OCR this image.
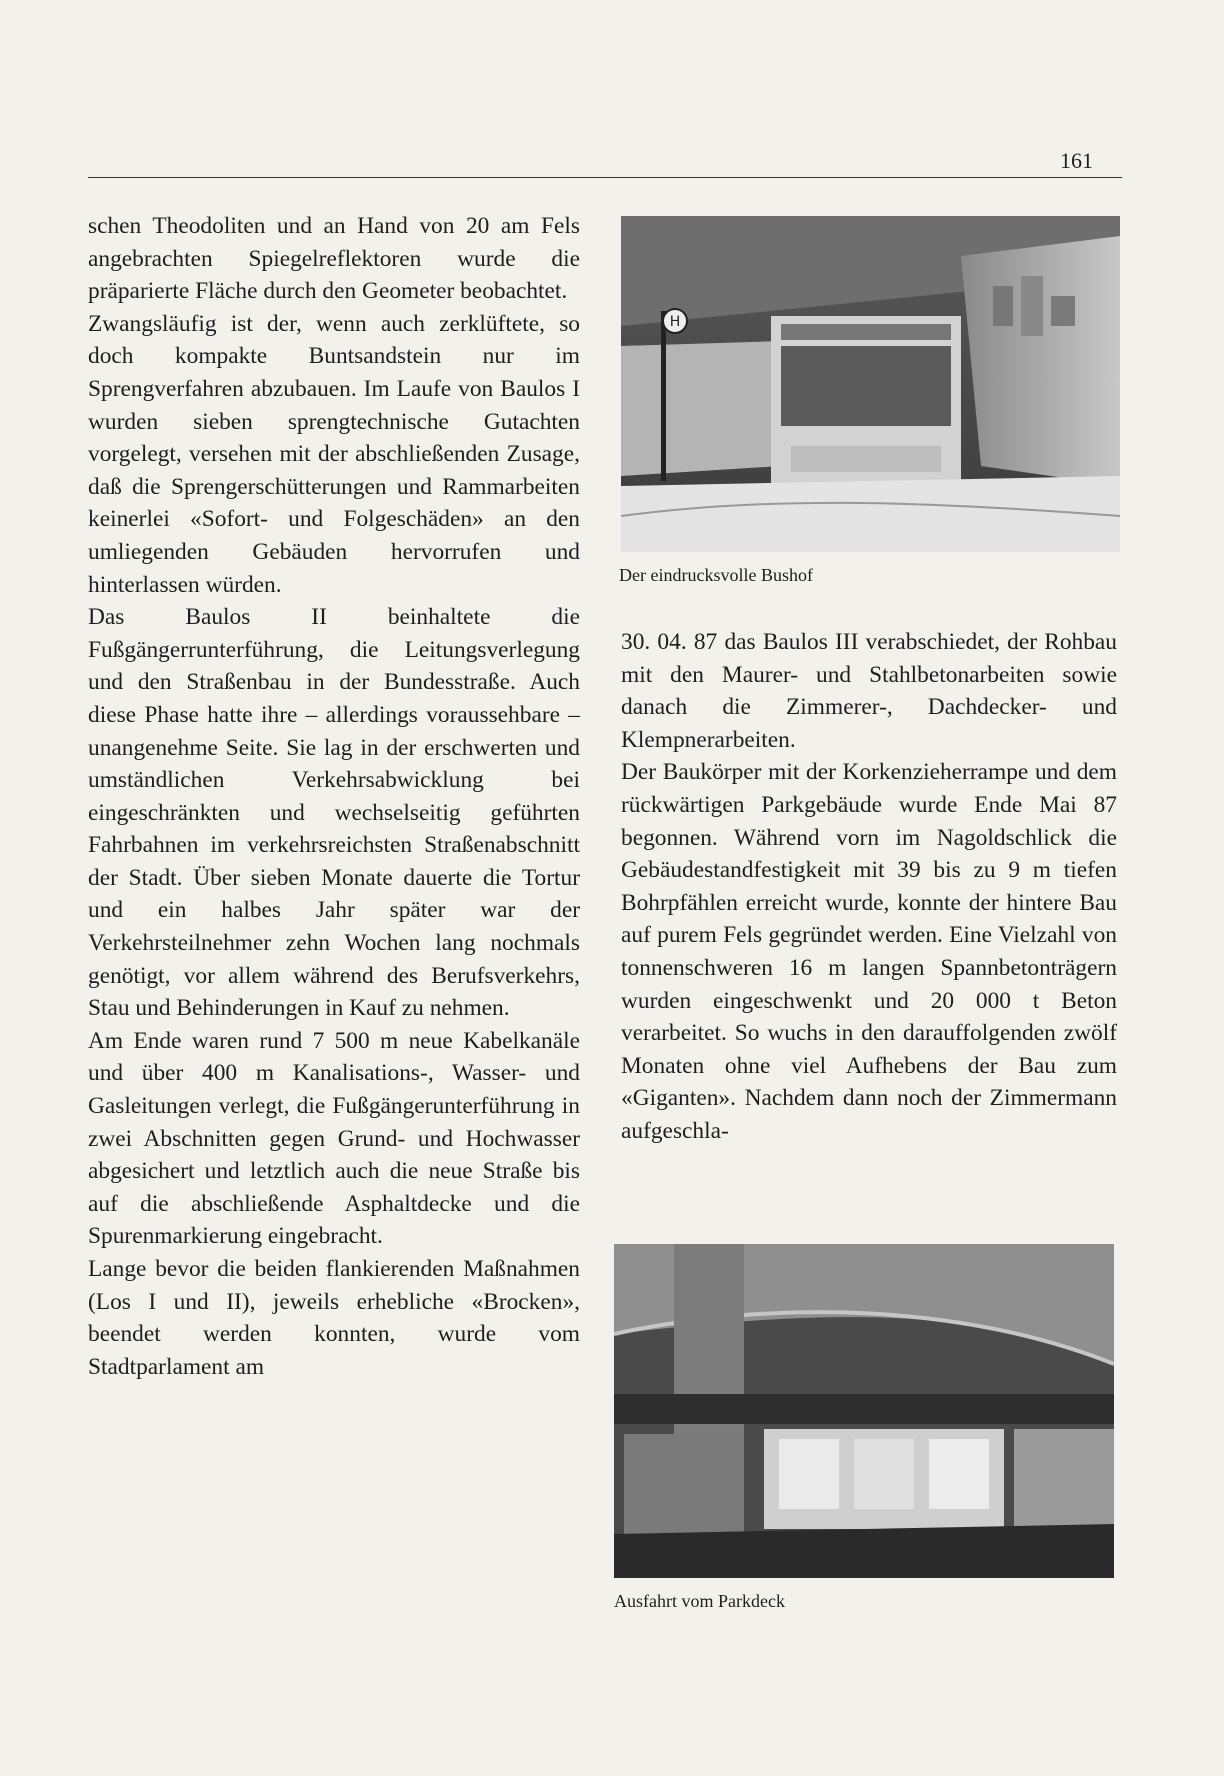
161

schen Theodoliten und an Hand von 20 am Fels angebrachten Spiegelreflektoren wurde die präparierte Fläche durch den Geometer beobachtet.

Zwangsläufig ist der, wenn auch zerklüftete, so doch kompakte Buntsandstein nur im Sprengverfahren abzubauen. Im Laufe von Baulos I wurden sieben sprengtechnische Gutachten vorgelegt, versehen mit der abschließenden Zusage, daß die Sprengerschütterungen und Rammarbeiten keinerlei «Sofort- und Folgeschäden» an den umliegenden Gebäuden hervorrufen und hinterlassen würden.

Das Baulos II beinhaltete die Fußgängerrunterführung, die Leitungsverlegung und den Straßenbau in der Bundesstraße. Auch diese Phase hatte ihre – allerdings voraussehbare – unangenehme Seite. Sie lag in der erschwerten und umständlichen Verkehrsabwicklung bei eingeschränkten und wechselseitig geführten Fahrbahnen im verkehrsreichsten Straßenabschnitt der Stadt. Über sieben Monate dauerte die Tortur und ein halbes Jahr später war der Verkehrsteilnehmer zehn Wochen lang nochmals genötigt, vor allem während des Berufsverkehrs, Stau und Behinderungen in Kauf zu nehmen.

Am Ende waren rund 7 500 m neue Kabelkanäle und über 400 m Kanalisations-, Wasser- und Gasleitungen verlegt, die Fußgängerunterführung in zwei Abschnitten gegen Grund- und Hochwasser abgesichert und letztlich auch die neue Straße bis auf die abschließende Asphaltdecke und die Spurenmarkierung eingebracht.

Lange bevor die beiden flankierenden Maßnahmen (Los I und II), jeweils erhebliche «Brocken», beendet werden konnten, wurde vom Stadtparlament am

H
Der eindrucksvolle Bushof

30. 04. 87 das Baulos III verabschiedet, der Rohbau mit den Maurer- und Stahlbetonarbeiten sowie danach die Zimmerer-, Dachdecker- und Klempnerarbeiten.

Der Baukörper mit der Korkenzieherrampe und dem rückwärtigen Parkgebäude wurde Ende Mai 87 begonnen. Während vorn im Nagoldschlick die Gebäudestandfestigkeit mit 39 bis zu 9 m tiefen Bohrpfählen erreicht wurde, konnte der hintere Bau auf purem Fels gegründet werden. Eine Vielzahl von tonnenschweren 16 m langen Spannbetonträgern wurden eingeschwenkt und 20 000 t Beton verarbeitet. So wuchs in den darauffolgenden zwölf Monaten ohne viel Aufhebens der Bau zum «Giganten». Nachdem dann noch der Zimmermann aufgeschla-

Ausfahrt vom Parkdeck
